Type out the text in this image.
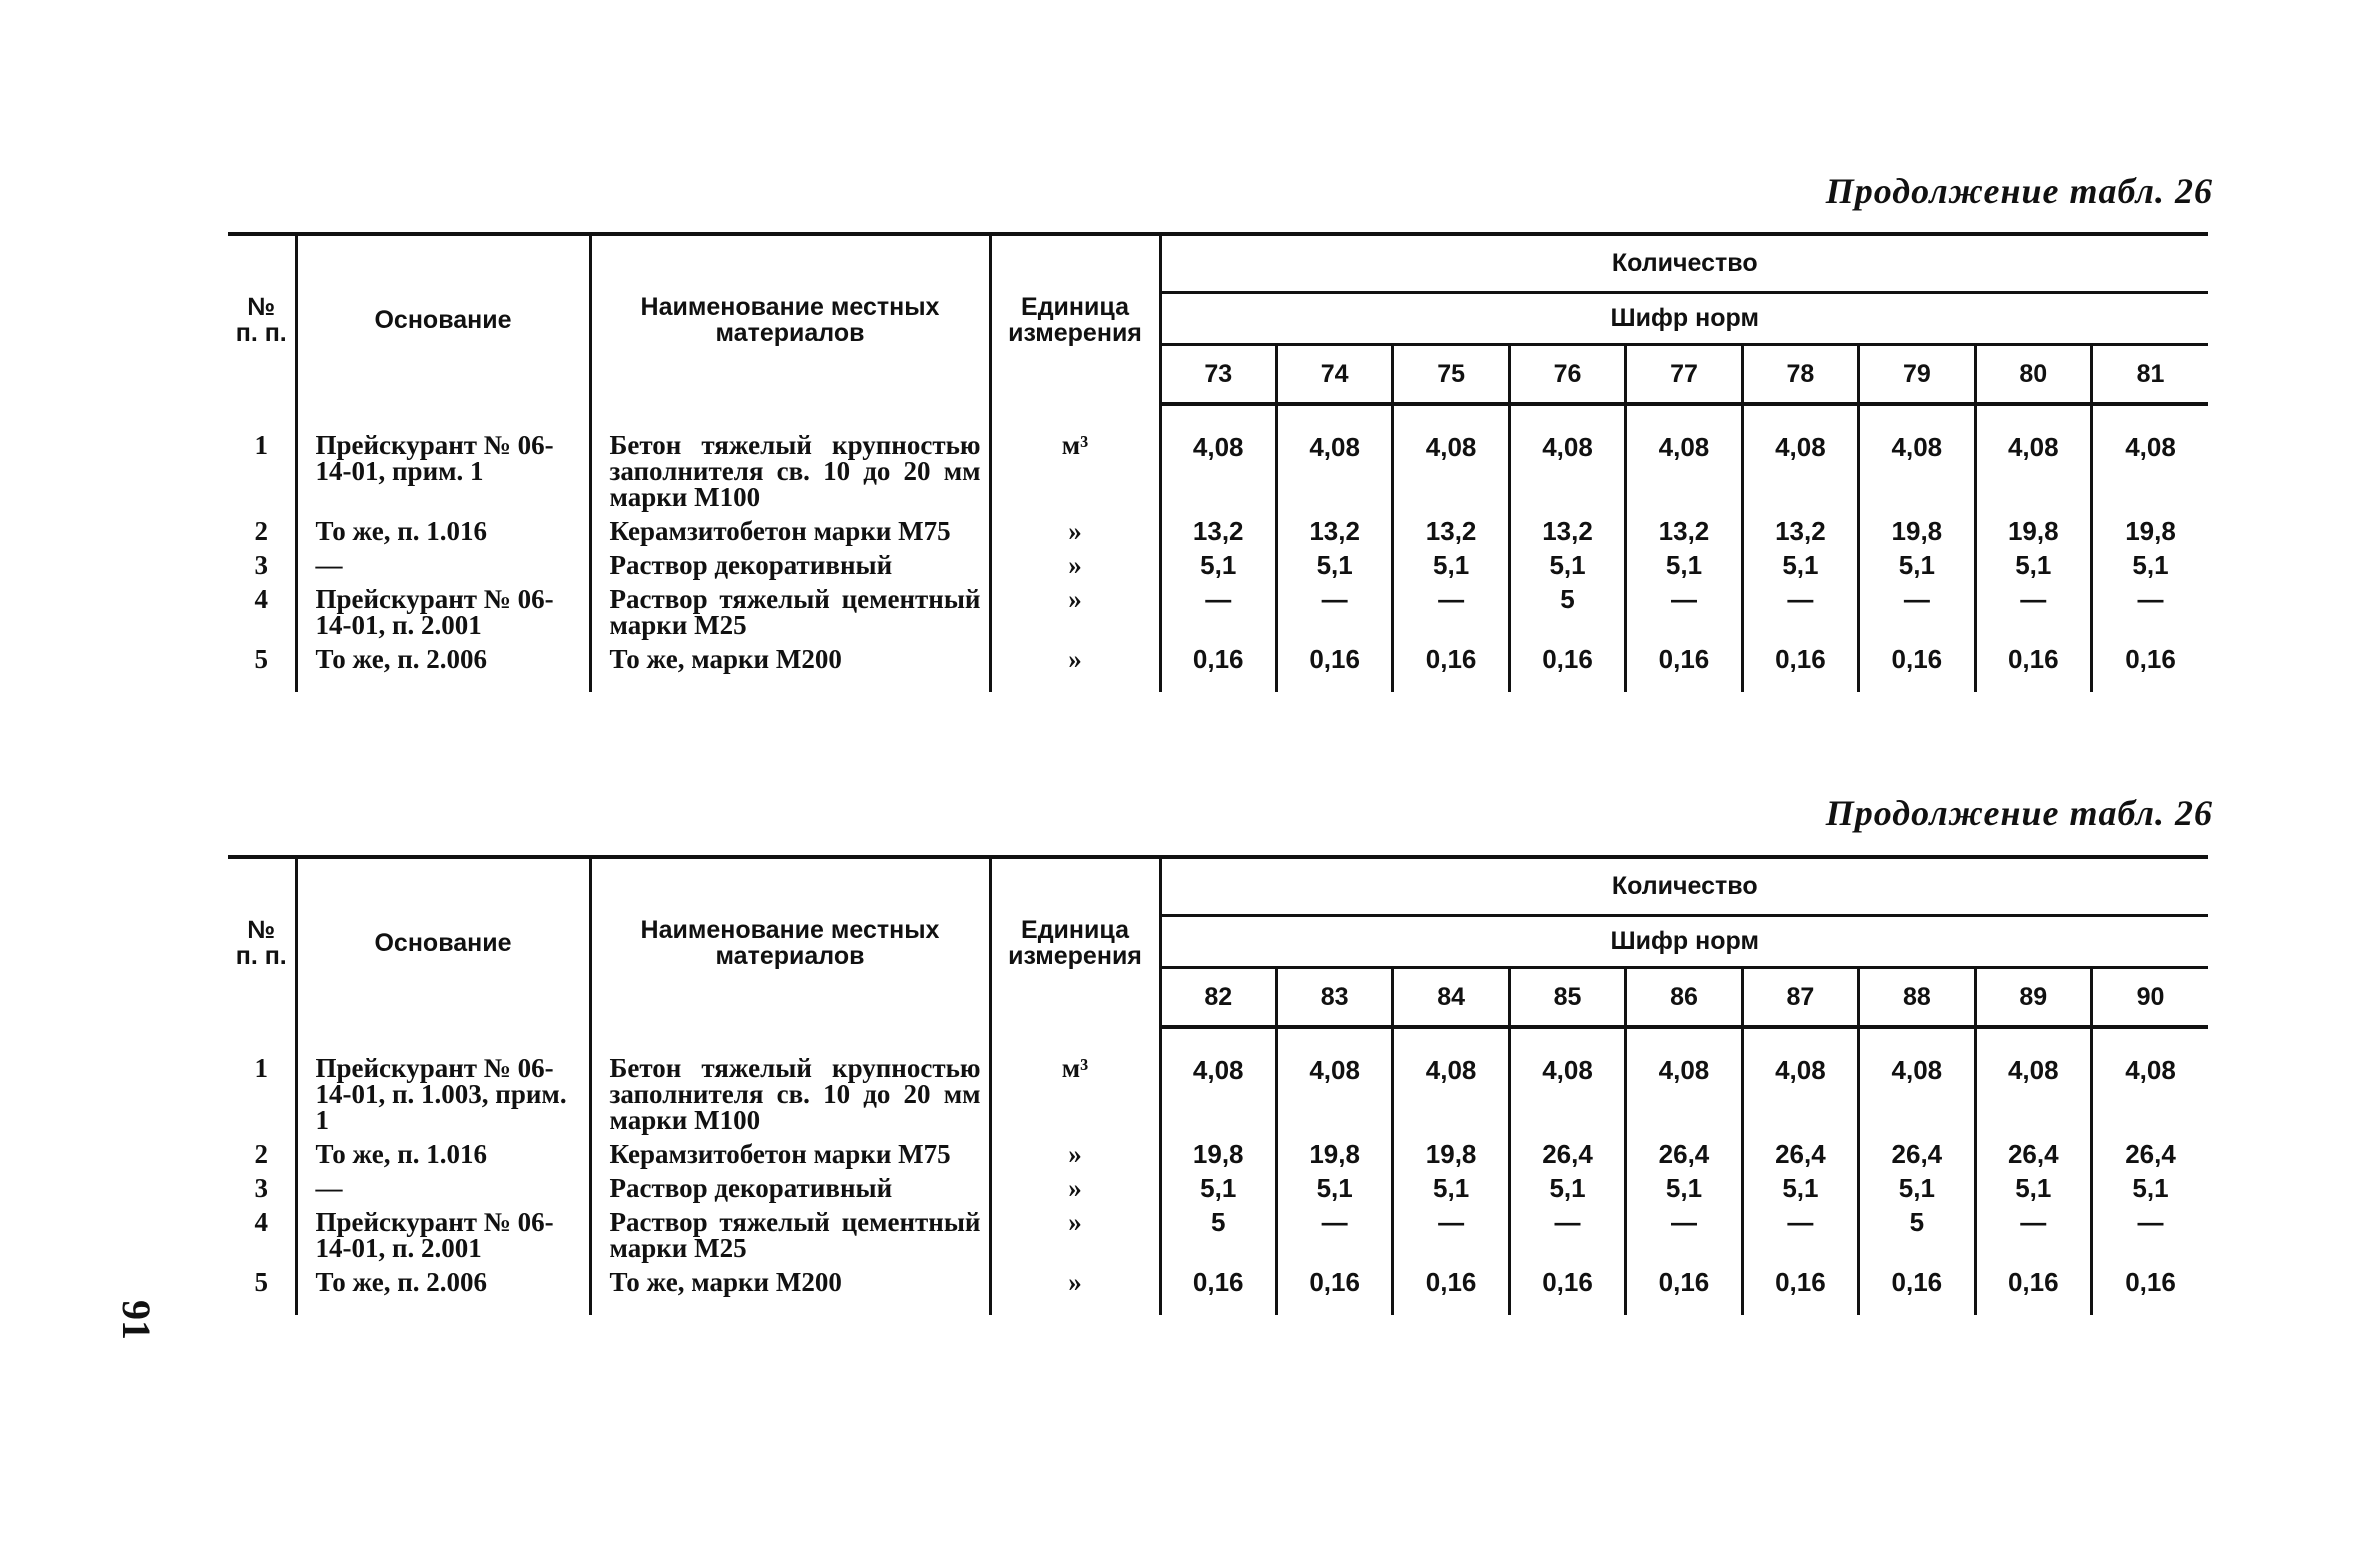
Продолжение табл. 26
№ п. п.	Основание	Наименование местных материалов	Единица измерения	Количество								
				Шифр норм								
				73	74	75	76	77	78	79	80	81
1	Прейскурант № 06-14-01, прим. 1	Бетон тяжелый крупностью заполнителя св. 10 до 20 мм марки М100	м³	4,08	4,08	4,08	4,08	4,08	4,08	4,08	4,08	4,08
2	То же, п. 1.016	Керамзитобетон марки М75	»	13,2	13,2	13,2	13,2	13,2	13,2	19,8	19,8	19,8
3	—	Раствор декоративный	»	5,1	5,1	5,1	5,1	5,1	5,1	5,1	5,1	5,1
4	Прейскурант № 06-14-01, п. 2.001	Раствор тяжелый цементный марки М25	»	—	—	—	5	—	—	—	—	—
5	То же, п. 2.006	То же, марки М200	»	0,16	0,16	0,16	0,16	0,16	0,16	0,16	0,16	0,16
Продолжение табл. 26
№ п. п.	Основание	Наименование местных материалов	Единица измерения	Количество								
				Шифр норм								
				82	83	84	85	86	87	88	89	90
1	Прейскурант № 06-14-01, п. 1.003, прим. 1	Бетон тяжелый крупностью заполнителя св. 10 до 20 мм марки М100	м³	4,08	4,08	4,08	4,08	4,08	4,08	4,08	4,08	4,08
2	То же, п. 1.016	Керамзитобетон марки М75	»	19,8	19,8	19,8	26,4	26,4	26,4	26,4	26,4	26,4
3	—	Раствор декоративный	»	5,1	5,1	5,1	5,1	5,1	5,1	5,1	5,1	5,1
4	Прейскурант № 06-14-01, п. 2.001	Раствор тяжелый цементный марки М25	»	5	—	—	—	—	—	5	—	—
5	То же, п. 2.006	То же, марки М200	»	0,16	0,16	0,16	0,16	0,16	0,16	0,16	0,16	0,16
91
